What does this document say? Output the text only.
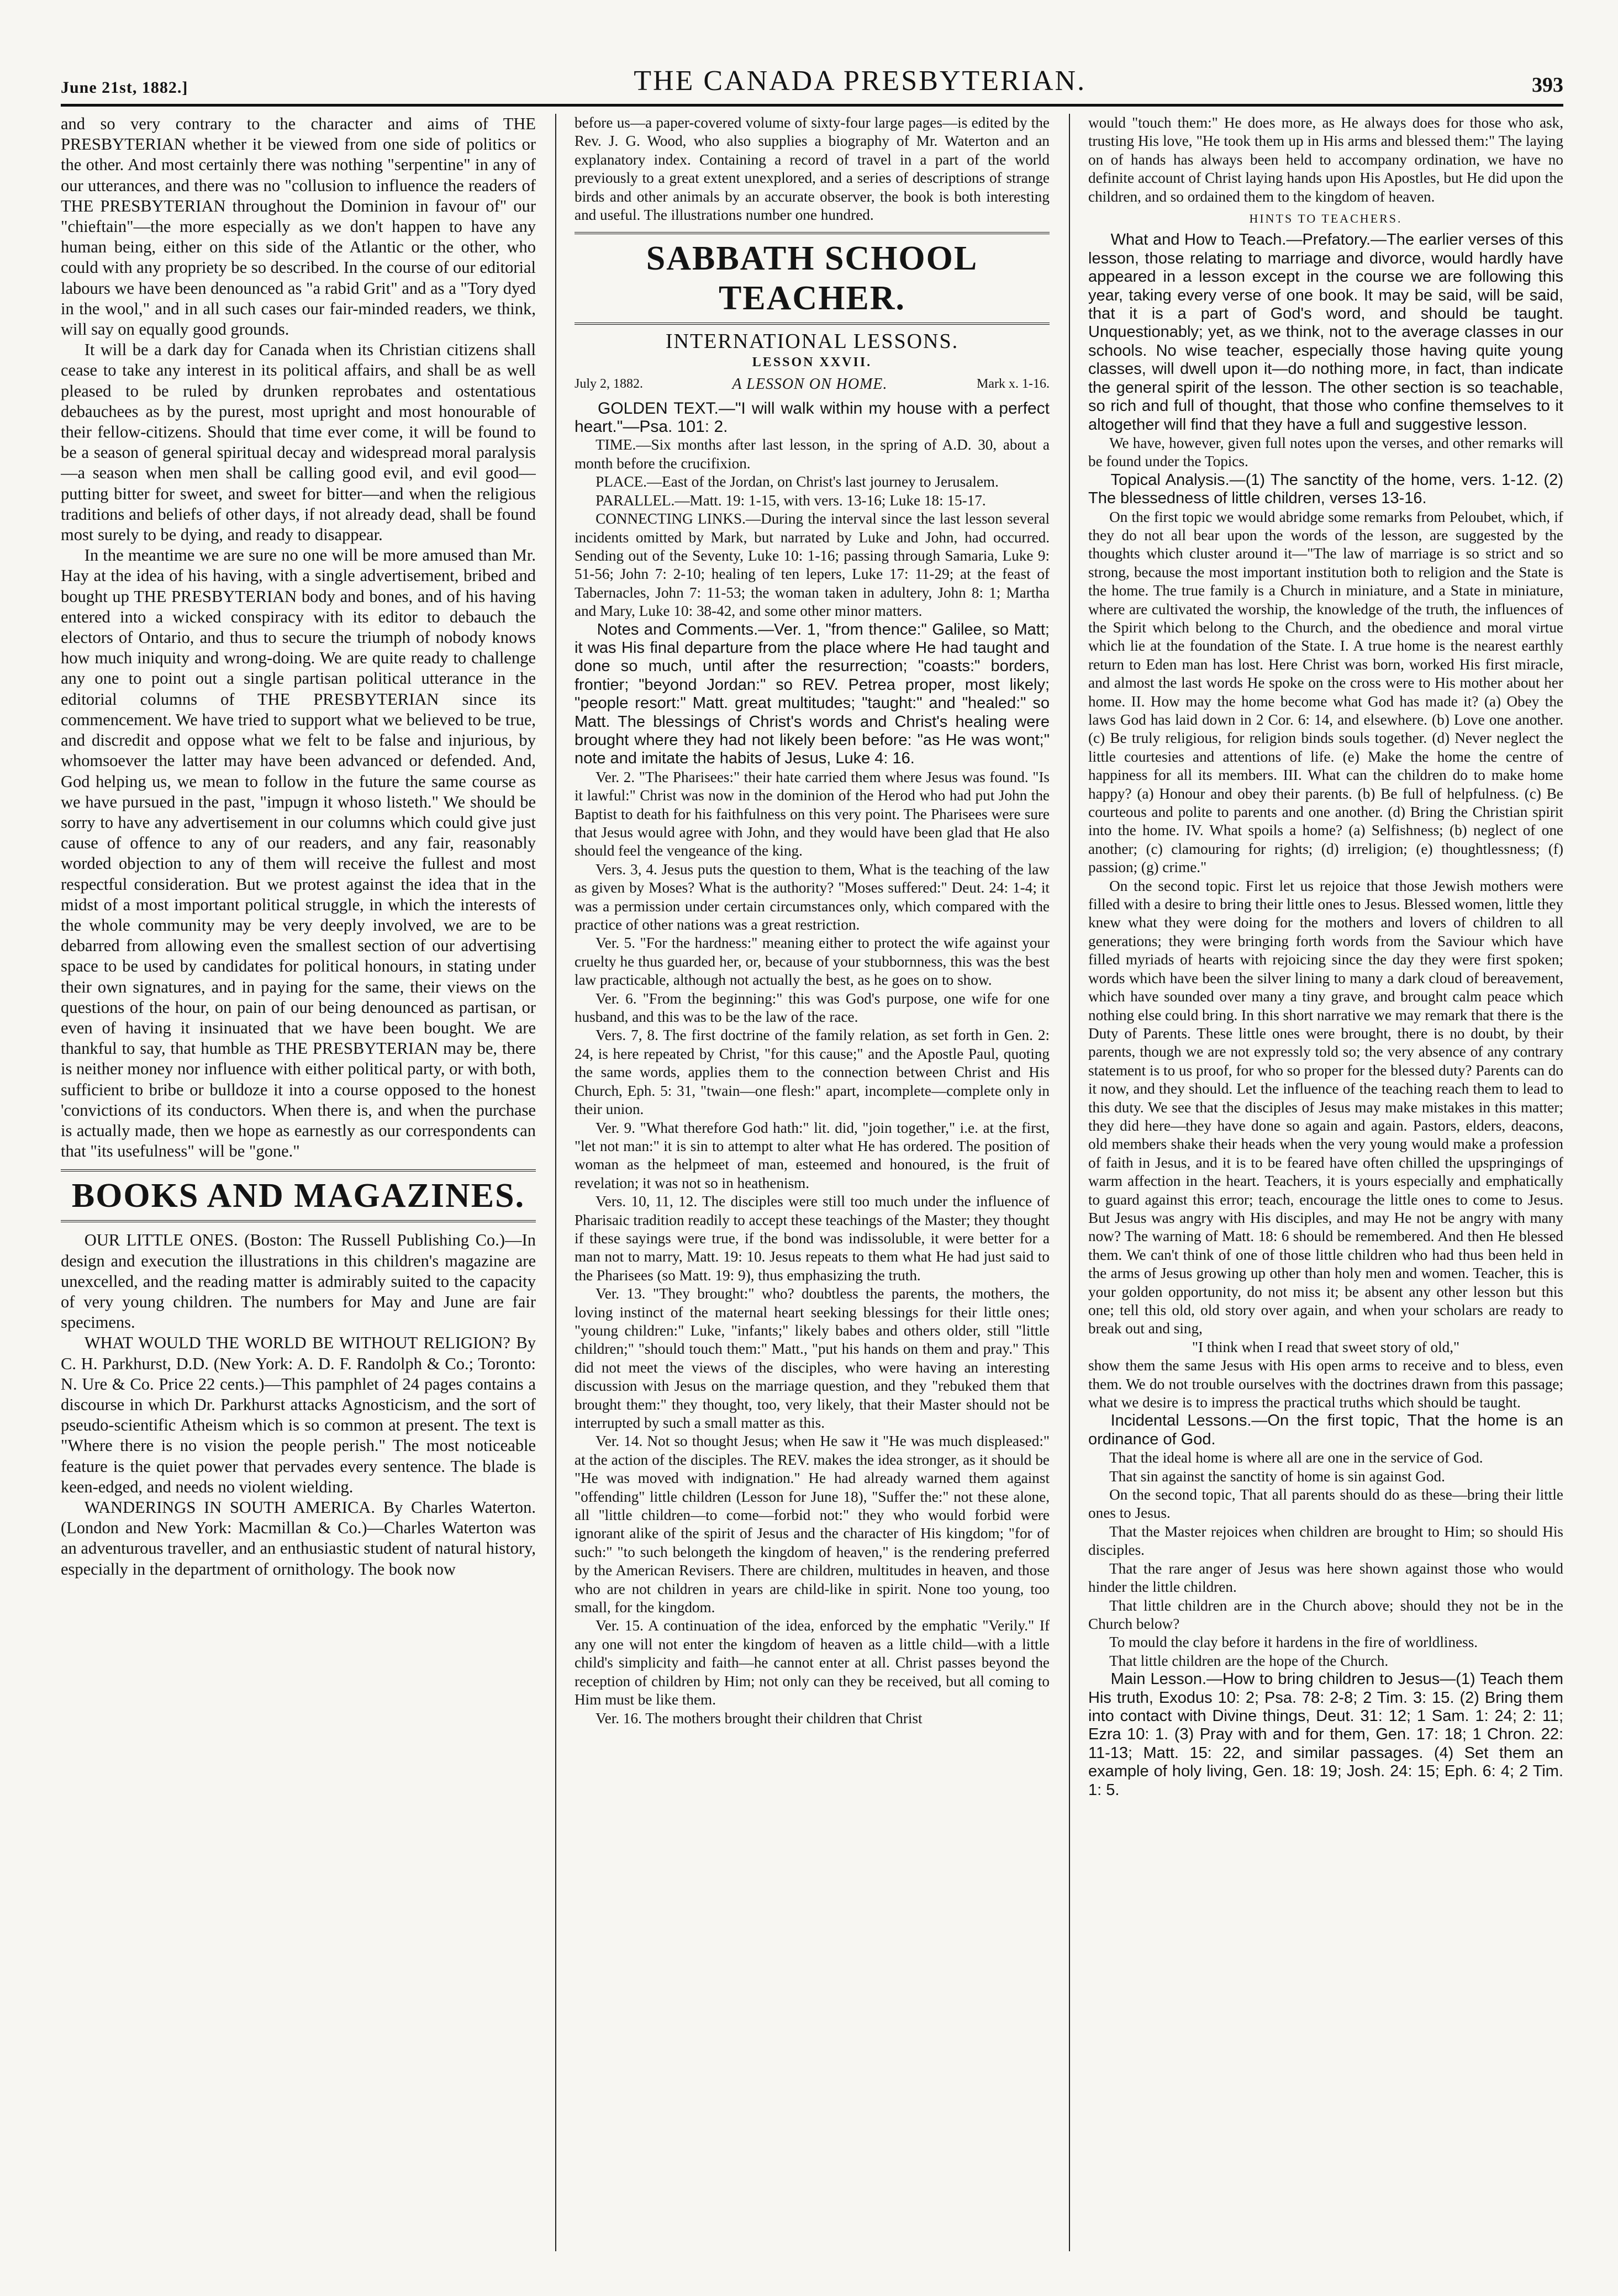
June 21st, 1882.]	THE CANADA PRESBYTERIAN.	393

and so very contrary to the character and aims of THE PRESBYTERIAN whether it be viewed from one side of politics or the other. And most certainly there was nothing "serpentine" in any of our utterances, and there was no "collusion to influence the readers of THE PRESBYTERIAN throughout the Dominion in favour of" our "chieftain"—the more especially as we don't happen to have any human being, either on this side of the Atlantic or the other, who could with any propriety be so described. In the course of our editorial labours we have been denounced as "a rabid Grit" and as a "Tory dyed in the wool," and in all such cases our fair-minded readers, we think, will say on equally good grounds.

It will be a dark day for Canada when its Christian citizens shall cease to take any interest in its political affairs, and shall be as well pleased to be ruled by drunken reprobates and ostentatious debauchees as by the purest, most upright and most honourable of their fellow-citizens. Should that time ever come, it will be found to be a season of general spiritual decay and widespread moral paralysis—a season when men shall be calling good evil, and evil good—putting bitter for sweet, and sweet for bitter—and when the religious traditions and beliefs of other days, if not already dead, shall be found most surely to be dying, and ready to disappear.

In the meantime we are sure no one will be more amused than Mr. Hay at the idea of his having, with a single advertisement, bribed and bought up THE PRESBYTERIAN body and bones, and of his having entered into a wicked conspiracy with its editor to debauch the electors of Ontario, and thus to secure the triumph of nobody knows how much iniquity and wrong-doing. We are quite ready to challenge any one to point out a single partisan political utterance in the editorial columns of THE PRESBYTERIAN since its commencement. We have tried to support what we believed to be true, and discredit and oppose what we felt to be false and injurious, by whomsoever the latter may have been advanced or defended. And, God helping us, we mean to follow in the future the same course as we have pursued in the past, "impugn it whoso listeth." We should be sorry to have any advertisement in our columns which could give just cause of offence to any of our readers, and any fair, reasonably worded objection to any of them will receive the fullest and most respectful consideration. But we protest against the idea that in the midst of a most important political struggle, in which the interests of the whole community may be very deeply involved, we are to be debarred from allowing even the smallest section of our advertising space to be used by candidates for political honours, in stating under their own signatures, and in paying for the same, their views on the questions of the hour, on pain of our being denounced as partisan, or even of having it insinuated that we have been bought. We are thankful to say, that humble as THE PRESBYTERIAN may be, there is neither money nor influence with either political party, or with both, sufficient to bribe or bulldoze it into a course opposed to the honest 'convictions of its conductors. When there is, and when the purchase is actually made, then we hope as earnestly as our correspondents can that "its usefulness" will be "gone."

BOOKS AND MAGAZINES.

OUR LITTLE ONES. (Boston: The Russell Publishing Co.)—In design and execution the illustrations in this children's magazine are unexcelled, and the reading matter is admirably suited to the capacity of very young children. The numbers for May and June are fair specimens.

WHAT WOULD THE WORLD BE WITHOUT RELIGION? By C. H. Parkhurst, D.D. (New York: A. D. F. Randolph & Co.; Toronto: N. Ure & Co. Price 22 cents.)—This pamphlet of 24 pages contains a discourse in which Dr. Parkhurst attacks Agnosticism, and the sort of pseudo-scientific Atheism which is so common at present. The text is "Where there is no vision the people perish." The most noticeable feature is the quiet power that pervades every sentence. The blade is keen-edged, and needs no violent wielding.

WANDERINGS IN SOUTH AMERICA. By Charles Waterton. (London and New York: Macmillan & Co.)—Charles Waterton was an adventurous traveller, and an enthusiastic student of natural history, especially in the department of ornithology. The book now

before us—a paper-covered volume of sixty-four large pages—is edited by the Rev. J. G. Wood, who also supplies a biography of Mr. Waterton and an explanatory index. Containing a record of travel in a part of the world previously to a great extent unexplored, and a series of descriptions of strange birds and other animals by an accurate observer, the book is both interesting and useful. The illustrations number one hundred.

SABBATH SCHOOL TEACHER.
INTERNATIONAL LESSONS.
LESSON XXVII.
July 2, 1882.	A LESSON ON HOME.	Mark x. 1-16.

GOLDEN TEXT.—"I will walk within my house with a perfect heart."—Psa. 101: 2.

TIME.—Six months after last lesson, in the spring of A.D. 30, about a month before the crucifixion.

PLACE.—East of the Jordan, on Christ's last journey to Jerusalem.

PARALLEL.—Matt. 19: 1-15, with vers. 13-16; Luke 18: 15-17.

CONNECTING LINKS.—During the interval since the last lesson several incidents omitted by Mark, but narrated by Luke and John, had occurred. Sending out of the Seventy, Luke 10: 1-16; passing through Samaria, Luke 9: 51-56; John 7: 2-10; healing of ten lepers, Luke 17: 11-29; at the feast of Tabernacles, John 7: 11-53; the woman taken in adultery, John 8: 1; Martha and Mary, Luke 10: 38-42, and some other minor matters.

Notes and Comments.—Ver. 1, "from thence:" Galilee, so Matt; it was His final departure from the place where He had taught and done so much, until after the resurrection; "coasts:" borders, frontier; "beyond Jordan:" so REV. Petrea proper, most likely; "people resort:" Matt. great multitudes; "taught:" and "healed:" so Matt. The blessings of Christ's words and Christ's healing were brought where they had not likely been before: "as He was wont;" note and imitate the habits of Jesus, Luke 4: 16.

Ver. 2. "The Pharisees:" their hate carried them where Jesus was found. "Is it lawful:" Christ was now in the dominion of the Herod who had put John the Baptist to death for his faithfulness on this very point. The Pharisees were sure that Jesus would agree with John, and they would have been glad that He also should feel the vengeance of the king.

Vers. 3, 4. Jesus puts the question to them, What is the teaching of the law as given by Moses? What is the authority? "Moses suffered:" Deut. 24: 1-4; it was a permission under certain circumstances only, which compared with the practice of other nations was a great restriction.

Ver. 5. "For the hardness:" meaning either to protect the wife against your cruelty he thus guarded her, or, because of your stubbornness, this was the best law practicable, although not actually the best, as he goes on to show.

Ver. 6. "From the beginning:" this was God's purpose, one wife for one husband, and this was to be the law of the race.

Vers. 7, 8. The first doctrine of the family relation, as set forth in Gen. 2: 24, is here repeated by Christ, "for this cause;" and the Apostle Paul, quoting the same words, applies them to the connection between Christ and His Church, Eph. 5: 31, "twain—one flesh:" apart, incomplete—complete only in their union.

Ver. 9. "What therefore God hath:" lit. did, "join together," i.e. at the first, "let not man:" it is sin to attempt to alter what He has ordered. The position of woman as the helpmeet of man, esteemed and honoured, is the fruit of revelation; it was not so in heathenism.

Vers. 10, 11, 12. The disciples were still too much under the influence of Pharisaic tradition readily to accept these teachings of the Master; they thought if these sayings were true, if the bond was indissoluble, it were better for a man not to marry, Matt. 19: 10. Jesus repeats to them what He had just said to the Pharisees (so Matt. 19: 9), thus emphasizing the truth.

Ver. 13. "They brought:" who? doubtless the parents, the mothers, the loving instinct of the maternal heart seeking blessings for their little ones; "young children:" Luke, "infants;" likely babes and others older, still "little children;" "should touch them:" Matt., "put his hands on them and pray." This did not meet the views of the disciples, who were having an interesting discussion with Jesus on the marriage question, and they "rebuked them that brought them:" they thought, too, very likely, that their Master should not be interrupted by such a small matter as this.

Ver. 14. Not so thought Jesus; when He saw it "He was much displeased:" at the action of the disciples. The REV. makes the idea stronger, as it should be "He was moved with indignation." He had already warned them against "offending" little children (Lesson for June 18), "Suffer the:" not these alone, all "little children—to come—forbid not:" they who would forbid were ignorant alike of the spirit of Jesus and the character of His kingdom; "for of such:" "to such belongeth the kingdom of heaven," is the rendering preferred by the American Revisers. There are children, multitudes in heaven, and those who are not children in years are child-like in spirit. None too young, too small, for the kingdom.

Ver. 15. A continuation of the idea, enforced by the emphatic "Verily." If any one will not enter the kingdom of heaven as a little child—with a little child's simplicity and faith—he cannot enter at all. Christ passes beyond the reception of children by Him; not only can they be received, but all coming to Him must be like them.

Ver. 16. The mothers brought their children that Christ

would "touch them:" He does more, as He always does for those who ask, trusting His love, "He took them up in His arms and blessed them:" The laying on of hands has always been held to accompany ordination, we have no definite account of Christ laying hands upon His Apostles, but He did upon the children, and so ordained them to the kingdom of heaven.

HINTS TO TEACHERS.

What and How to Teach.—Prefatory.—The earlier verses of this lesson, those relating to marriage and divorce, would hardly have appeared in a lesson except in the course we are following this year, taking every verse of one book. It may be said, will be said, that it is a part of God's word, and should be taught. Unquestionably; yet, as we think, not to the average classes in our schools. No wise teacher, especially those having quite young classes, will dwell upon it—do nothing more, in fact, than indicate the general spirit of the lesson. The other section is so teachable, so rich and full of thought, that those who confine themselves to it altogether will find that they have a full and suggestive lesson.

We have, however, given full notes upon the verses, and other remarks will be found under the Topics.

Topical Analysis.—(1) The sanctity of the home, vers. 1-12. (2) The blessedness of little children, verses 13-16.

On the first topic we would abridge some remarks from Peloubet, which, if they do not all bear upon the words of the lesson, are suggested by the thoughts which cluster around it—"The law of marriage is so strict and so strong, because the most important institution both to religion and the State is the home. The true family is a Church in miniature, and a State in miniature, where are cultivated the worship, the knowledge of the truth, the influences of the Spirit which belong to the Church, and the obedience and moral virtue which lie at the foundation of the State. I. A true home is the nearest earthly return to Eden man has lost. Here Christ was born, worked His first miracle, and almost the last words He spoke on the cross were to His mother about her home. II. How may the home become what God has made it? (a) Obey the laws God has laid down in 2 Cor. 6: 14, and elsewhere. (b) Love one another. (c) Be truly religious, for religion binds souls together. (d) Never neglect the little courtesies and attentions of life. (e) Make the home the centre of happiness for all its members. III. What can the children do to make home happy? (a) Honour and obey their parents. (b) Be full of helpfulness. (c) Be courteous and polite to parents and one another. (d) Bring the Christian spirit into the home. IV. What spoils a home? (a) Selfishness; (b) neglect of one another; (c) clamouring for rights; (d) irreligion; (e) thoughtlessness; (f) passion; (g) crime."

On the second topic. First let us rejoice that those Jewish mothers were filled with a desire to bring their little ones to Jesus. Blessed women, little they knew what they were doing for the mothers and lovers of children to all generations; they were bringing forth words from the Saviour which have filled myriads of hearts with rejoicing since the day they were first spoken; words which have been the silver lining to many a dark cloud of bereavement, which have sounded over many a tiny grave, and brought calm peace which nothing else could bring. In this short narrative we may remark that there is the Duty of Parents. These little ones were brought, there is no doubt, by their parents, though we are not expressly told so; the very absence of any contrary statement is to us proof, for who so proper for the blessed duty? Parents can do it now, and they should. Let the influence of the teaching reach them to lead to this duty. We see that the disciples of Jesus may make mistakes in this matter; they did here—they have done so again and again. Pastors, elders, deacons, old members shake their heads when the very young would make a profession of faith in Jesus, and it is to be feared have often chilled the upspringings of warm affection in the heart. Teachers, it is yours especially and emphatically to guard against this error; teach, encourage the little ones to come to Jesus. But Jesus was angry with His disciples, and may He not be angry with many now? The warning of Matt. 18: 6 should be remembered. And then He blessed them. We can't think of one of those little children who had thus been held in the arms of Jesus growing up other than holy men and women. Teacher, this is your golden opportunity, do not miss it; be absent any other lesson but this one; tell this old, old story over again, and when your scholars are ready to break out and sing,

"I think when I read that sweet story of old,"

show them the same Jesus with His open arms to receive and to bless, even them. We do not trouble ourselves with the doctrines drawn from this passage; what we desire is to impress the practical truths which should be taught.

Incidental Lessons.—On the first topic, That the home is an ordinance of God.

That the ideal home is where all are one in the service of God.

That sin against the sanctity of home is sin against God.

On the second topic, That all parents should do as these—bring their little ones to Jesus.

That the Master rejoices when children are brought to Him; so should His disciples.

That the rare anger of Jesus was here shown against those who would hinder the little children.

That little children are in the Church above; should they not be in the Church below?

To mould the clay before it hardens in the fire of worldliness.

That little children are the hope of the Church.

Main Lesson.—How to bring children to Jesus—(1) Teach them His truth, Exodus 10: 2; Psa. 78: 2-8; 2 Tim. 3: 15. (2) Bring them into contact with Divine things, Deut. 31: 12; 1 Sam. 1: 24; 2: 11; Ezra 10: 1. (3) Pray with and for them, Gen. 17: 18; 1 Chron. 22: 11-13; Matt. 15: 22, and similar passages. (4) Set them an example of holy living, Gen. 18: 19; Josh. 24: 15; Eph. 6: 4; 2 Tim. 1: 5.
